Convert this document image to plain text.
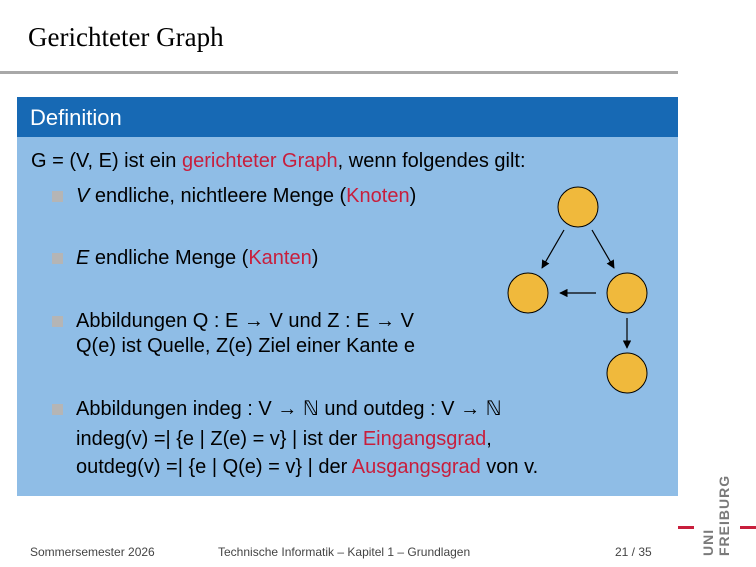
Gerichteter Graph
Definition
G = (V, E) ist ein gerichteter Graph, wenn folgendes gilt:
V endliche, nichtleere Menge (Knoten)
E endliche Menge (Kanten)
Abbildungen Q : E → V und Z : E → V
Q(e) ist Quelle, Z(e) Ziel einer Kante e
Abbildungen indeg : V → ℕ und outdeg : V → ℕ
indeg(v) =| {e | Z(e) = v} | ist der Eingangsgrad,
outdeg(v) =| {e | Q(e) = v} | der Ausgangsgrad von v.
Sommersemester 2026	Technische Informatik – Kapitel 1 – Grundlagen	21 / 35	UNI FREIBURG
